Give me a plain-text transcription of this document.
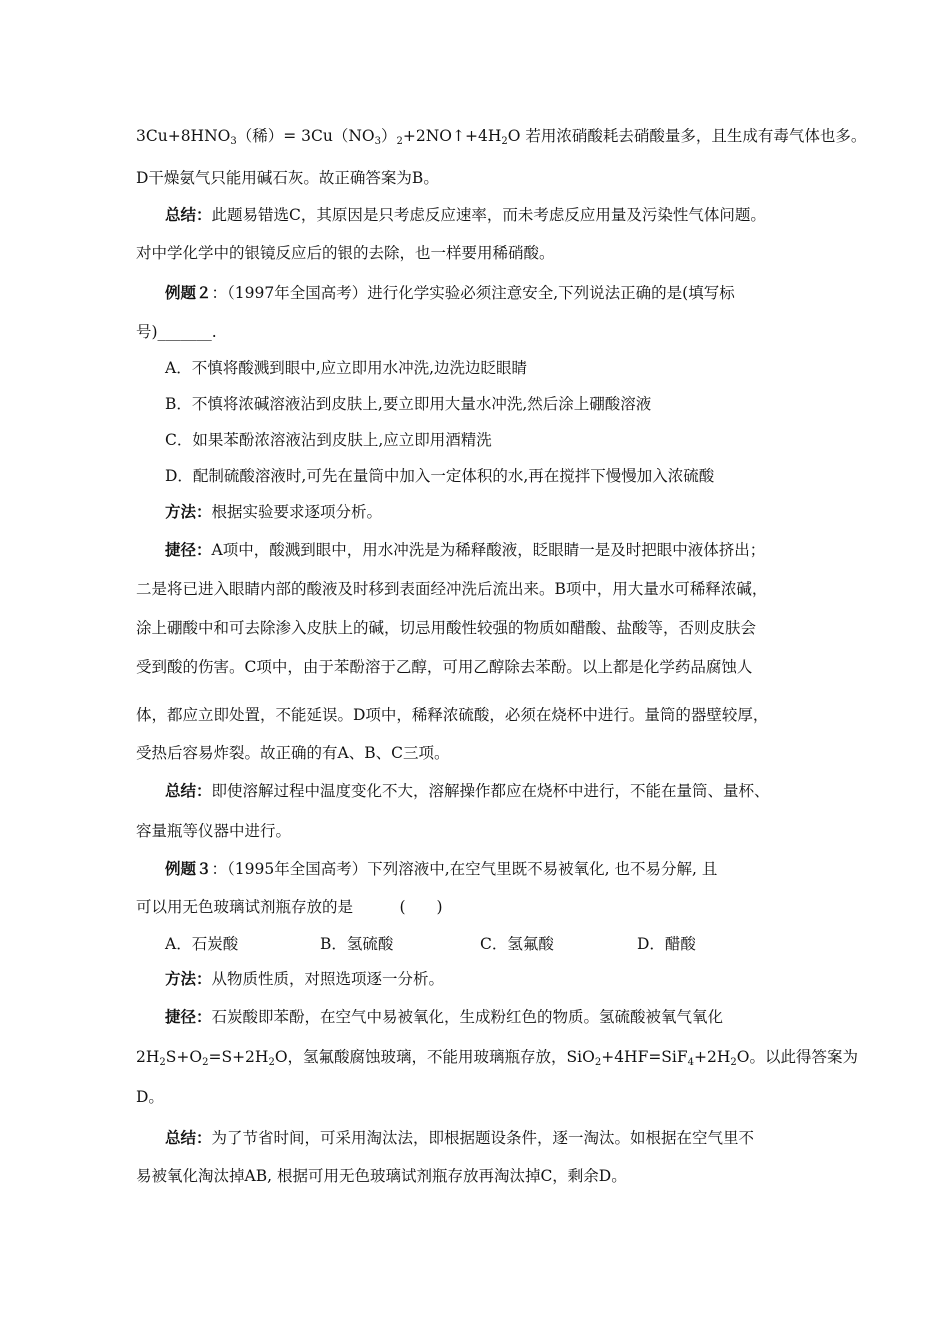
$3Cu+8HNO_3$（稀）= $3Cu(NO_3)_2+2NO↑+4H_2O$ 若用浓硝酸耗去硝酸量多，且生成有毒气体也多。
D干燥氨气只能用碱石灰。故正确答案为B。
总结：此题易错选C，其原因是只考虑反应速率，而未考虑反应用量及污染性气体问题。
对中学化学中的银镜反应后的银的去除，也一样要用稀硝酸。
例题２：（1997年全国高考）进行化学实验必须注意安全,下列说法正确的是(填写标
号)_______.
A．不慎将酸溅到眼中,应立即用水冲洗,边洗边眨眼睛
B．不慎将浓碱溶液沾到皮肤上,要立即用大量水冲洗,然后涂上硼酸溶液
C．如果苯酚浓溶液沾到皮肤上,应立即用酒精洗
D．配制硫酸溶液时,可先在量筒中加入一定体积的水,再在搅拌下慢慢加入浓硫酸
方法：根据实验要求逐项分析。
捷径：A项中，酸溅到眼中，用水冲洗是为稀释酸液，眨眼睛一是及时把眼中液体挤出；
二是将已进入眼睛内部的酸液及时移到表面经冲洗后流出来。B项中，用大量水可稀释浓碱，
涂上硼酸中和可去除渗入皮肤上的碱，切忌用酸性较强的物质如醋酸、盐酸等，否则皮肤会
受到酸的伤害。C项中，由于苯酚溶于乙醇，可用乙醇除去苯酚。以上都是化学药品腐蚀人
体，都应立即处置，不能延误。D项中，稀释浓硫酸，必须在烧杯中进行。量筒的器壁较厚，
受热后容易炸裂。故正确的有A、B、C三项。
总结：即使溶解过程中温度变化不大，溶解操作都应在烧杯中进行，不能在量筒、量杯、
容量瓶等仪器中进行。
例题３：（1995年全国高考）下列溶液中,在空气里既不易被氧化, 也不易分解, 且
可以用无色玻璃试剂瓶存放的是　　　(　　)
A．石炭酸	B．氢硫酸	C．氢氟酸	D．醋酸
方法：从物质性质，对照选项逐一分析。
捷径：石炭酸即苯酚，在空气中易被氧化，生成粉红色的物质。氢硫酸被氧气氧化
$2H_2S+O_2=S+2H_2O$，氢氟酸腐蚀玻璃，不能用玻璃瓶存放，$SiO_2+4HF=SiF_4+2H_2O$。以此得答案为
D。
总结：为了节省时间，可采用淘汰法，即根据题设条件，逐一淘汰。如根据在空气里不
易被氧化淘汰掉AB, 根据可用无色玻璃试剂瓶存放再淘汰掉C，剩余D。
